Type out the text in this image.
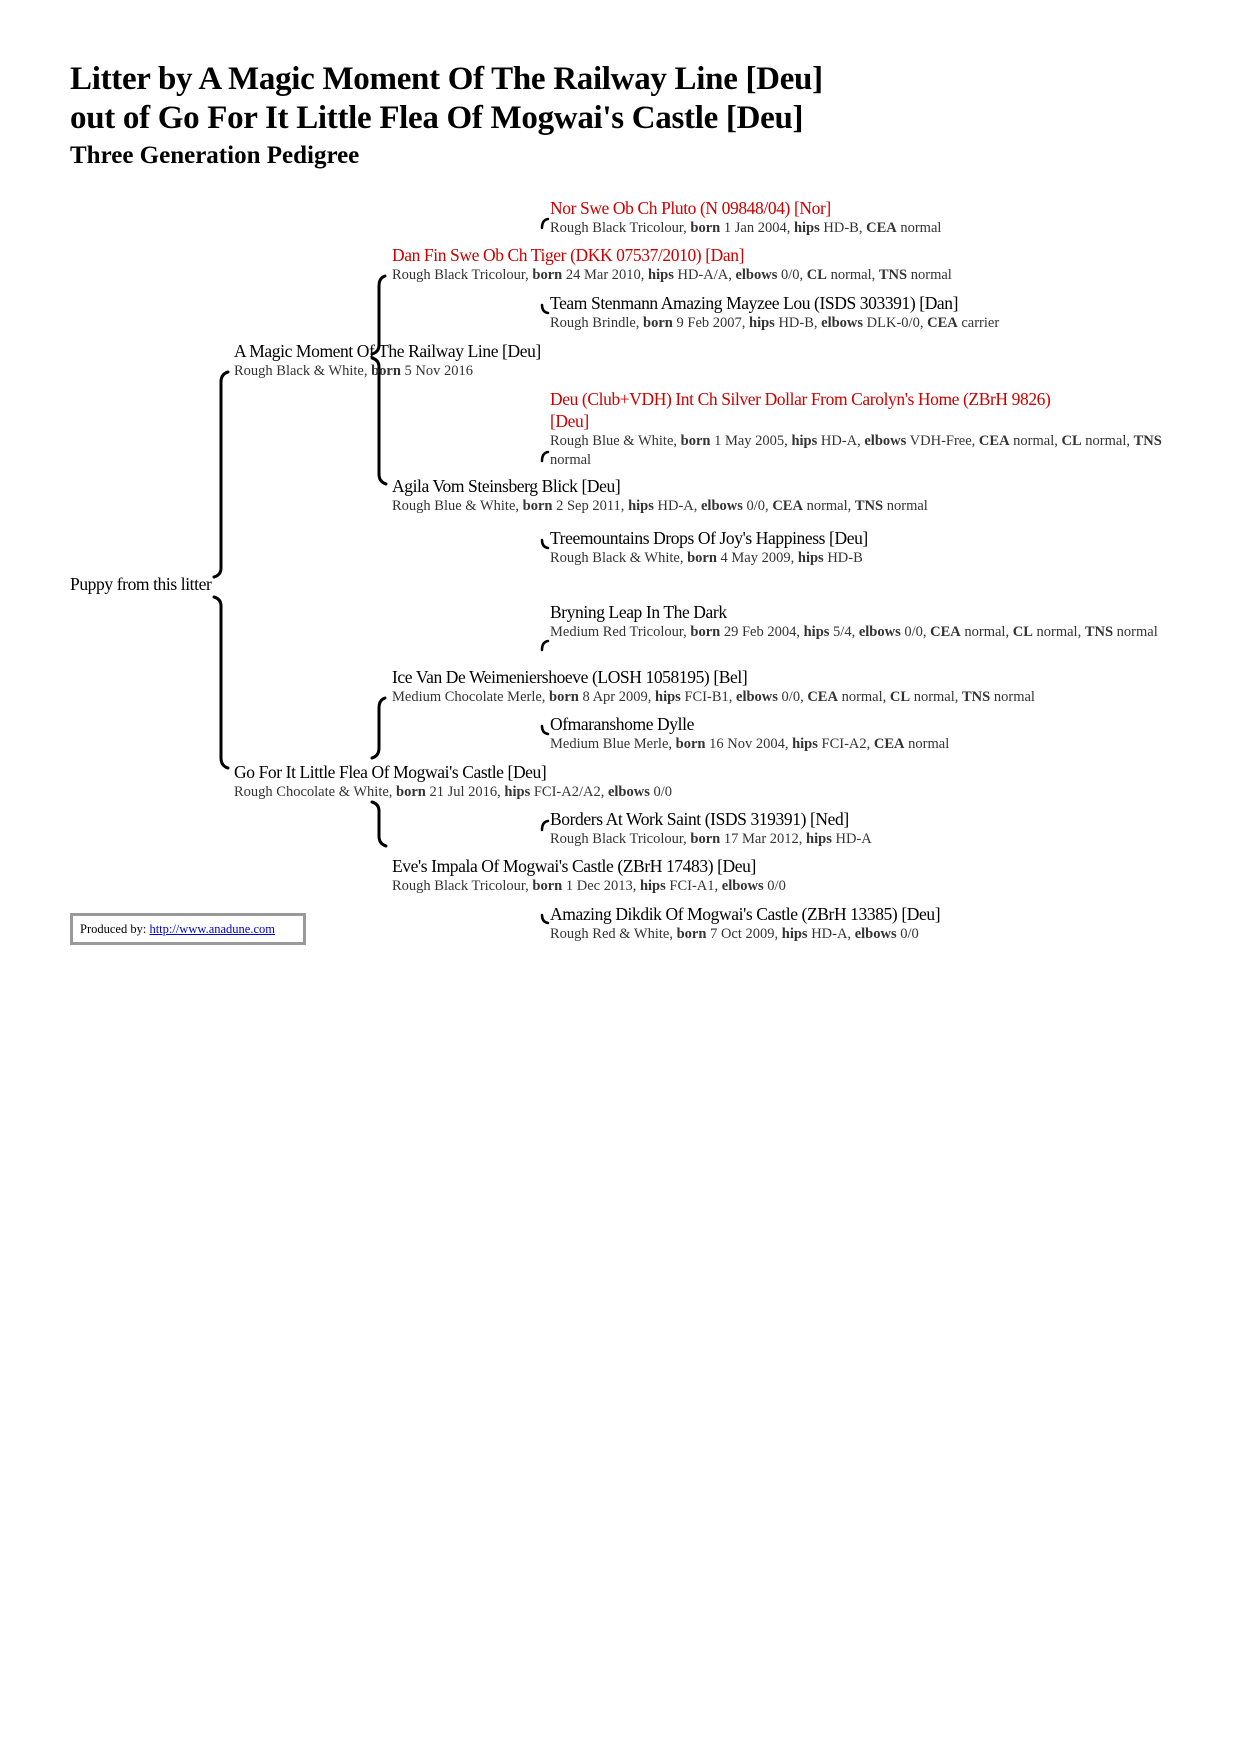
Litter by A Magic Moment Of The Railway Line [Deu]
out of Go For It Little Flea Of Mogwai's Castle [Deu]
Three Generation Pedigree
Puppy from this litter
A Magic Moment Of The Railway Line [Deu]
Rough Black & White, born 5 Nov 2016
Dan Fin Swe Ob Ch Tiger (DKK 07537/2010) [Dan]
Rough Black Tricolour, born 24 Mar 2010, hips HD-A/A, elbows 0/0, CL normal, TNS normal
Nor Swe Ob Ch Pluto (N 09848/04) [Nor]
Rough Black Tricolour, born 1 Jan 2004, hips HD-B, CEA normal
Team Stenmann Amazing Mayzee Lou (ISDS 303391) [Dan]
Rough Brindle, born 9 Feb 2007, hips HD-B, elbows DLK-0/0, CEA carrier
Agila Vom Steinsberg Blick [Deu]
Rough Blue & White, born 2 Sep 2011, hips HD-A, elbows 0/0, CEA normal, TNS normal
Deu (Club+VDH) Int Ch Silver Dollar From Carolyn's Home (ZBrH 9826)
[Deu]
Rough Blue & White, born 1 May 2005, hips HD-A, elbows VDH-Free, CEA normal, CL normal, TNS normal
Treemountains Drops Of Joy's Happiness [Deu]
Rough Black & White, born 4 May 2009, hips HD-B
Go For It Little Flea Of Mogwai's Castle [Deu]
Rough Chocolate & White, born 21 Jul 2016, hips FCI-A2/A2, elbows 0/0
Bryning Leap In The Dark
Medium Red Tricolour, born 29 Feb 2004, hips 5/4, elbows 0/0, CEA normal, CL normal, TNS normal
Ice Van De Weimeniershoeve (LOSH 1058195) [Bel]
Medium Chocolate Merle, born 8 Apr 2009, hips FCI-B1, elbows 0/0, CEA normal, CL normal, TNS normal
Ofmaranshome Dylle
Medium Blue Merle, born 16 Nov 2004, hips FCI-A2, CEA normal
Borders At Work Saint (ISDS 319391) [Ned]
Rough Black Tricolour, born 17 Mar 2012, hips HD-A
Eve's Impala Of Mogwai's Castle (ZBrH 17483) [Deu]
Rough Black Tricolour, born 1 Dec 2013, hips FCI-A1, elbows 0/0
Amazing Dikdik Of Mogwai's Castle (ZBrH 13385) [Deu]
Rough Red & White, born 7 Oct 2009, hips HD-A, elbows 0/0
Produced by: http://www.anadune.com
